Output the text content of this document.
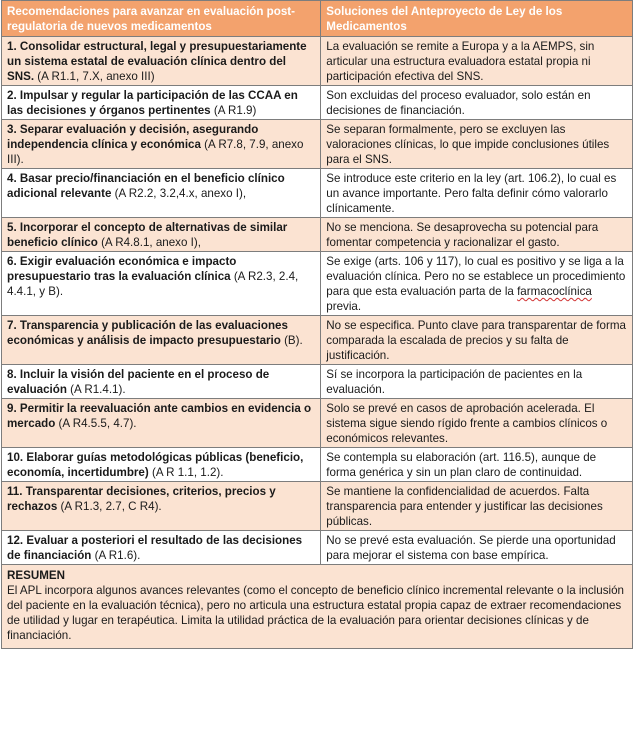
Recomendaciones para avanzar en evaluación post-regulatoria de nuevos medicamentos	Soluciones del Anteproyecto de Ley de los Medicamentos
1. Consolidar estructural, legal y presupuestariamente un sistema estatal de evaluación clínica dentro del SNS. (A R1.1, 7.X, anexo III)	La evaluación se remite a Europa y a la AEMPS, sin articular una estructura evaluadora estatal propia ni participación efectiva del SNS.
2. Impulsar y regular la participación de las CCAA en las decisiones y órganos pertinentes (A R1.9)	Son excluidas del proceso evaluador, solo están en decisiones de financiación.
3. Separar evaluación y decisión, asegurando independencia clínica y económica (A R7.8, 7.9, anexo III).	Se separan formalmente, pero se excluyen las valoraciones clínicas, lo que impide conclusiones útiles para el SNS.
4. Basar precio/financiación en el beneficio clínico adicional relevante (A R2.2, 3.2,4.x, anexo I),	Se introduce este criterio en la ley (art. 106.2), lo cual es un avance importante. Pero falta definir cómo valorarlo clínicamente.
5. Incorporar el concepto de alternativas de similar beneficio clínico (A R4.8.1, anexo I),	No se menciona. Se desaprovecha su potencial para fomentar competencia y racionalizar el gasto.
6. Exigir evaluación económica e impacto presupuestario tras la evaluación clínica (A R2.3, 2.4, 4.4.1, y B).	Se exige (arts. 106 y 117), lo cual es positivo y se liga a la evaluación clínica. Pero no se establece un procedimiento para que esta evaluación parta de la farmacoclínica previa.
7. Transparencia y publicación de las evaluaciones económicas y análisis de impacto presupuestario (B).	No se especifica. Punto clave para transparentar de forma comparada la escalada de precios y su falta de justificación.
8. Incluir la visión del paciente en el proceso de evaluación (A R1.4.1).	Sí se incorpora la participación de pacientes en la evaluación.
9. Permitir la reevaluación ante cambios en evidencia o mercado (A R4.5.5, 4.7).	Solo se prevé en casos de aprobación acelerada. El sistema sigue siendo rígido frente a cambios clínicos o económicos relevantes.
10. Elaborar guías metodológicas públicas (beneficio, economía, incertidumbre) (A R 1.1, 1.2).	Se contempla su elaboración (art. 116.5), aunque de forma genérica y sin un plan claro de continuidad.
11. Transparentar decisiones, criterios, precios y rechazos (A R1.3, 2.7, C R4).	Se mantiene la confidencialidad de acuerdos. Falta transparencia para entender y justificar las decisiones públicas.
12. Evaluar a posteriori el resultado de las decisiones de financiación (A R1.6).	No se prevé esta evaluación. Se pierde una oportunidad para mejorar el sistema con base empírica.

RESUMEN
El APL incorpora algunos avances relevantes (como el concepto de beneficio clínico incremental relevante o la inclusión del paciente en la evaluación técnica), pero no articula una estructura estatal propia capaz de extraer recomendaciones de utilidad y lugar en terapéutica. Limita la utilidad práctica de la evaluación para orientar decisiones clínicas y de financiación.	
